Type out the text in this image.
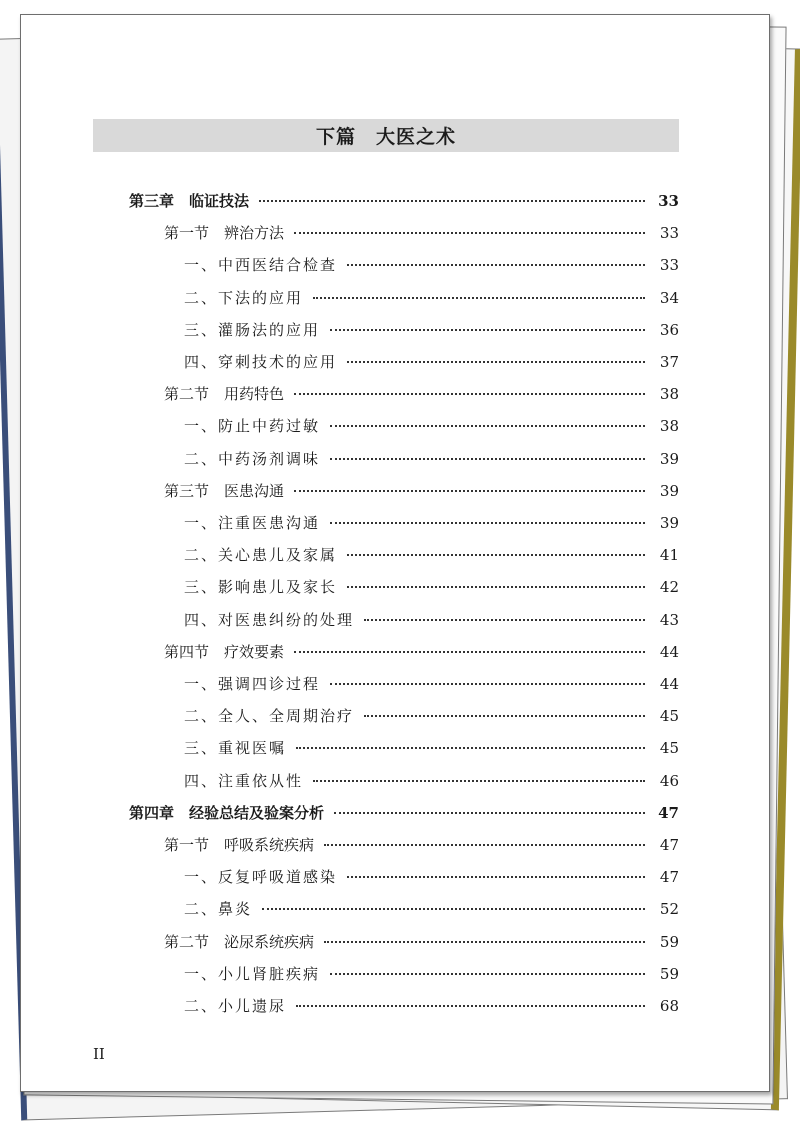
下篇　大医之术
第三章　临证技法	33
第一节　辨治方法	33
一、中西医结合检查	33
二、下法的应用	34
三、灌肠法的应用	36
四、穿刺技术的应用	37
第二节　用药特色	38
一、防止中药过敏	38
二、中药汤剂调味	39
第三节　医患沟通	39
一、注重医患沟通	39
二、关心患儿及家属	41
三、影响患儿及家长	42
四、对医患纠纷的处理	43
第四节　疗效要素	44
一、强调四诊过程	44
二、全人、全周期治疗	45
三、重视医嘱	45
四、注重依从性	46
第四章　经验总结及验案分析	47
第一节　呼吸系统疾病	47
一、反复呼吸道感染	47
二、鼻炎	52
第二节　泌尿系统疾病	59
一、小儿肾脏疾病	59
二、小儿遗尿	68
II
